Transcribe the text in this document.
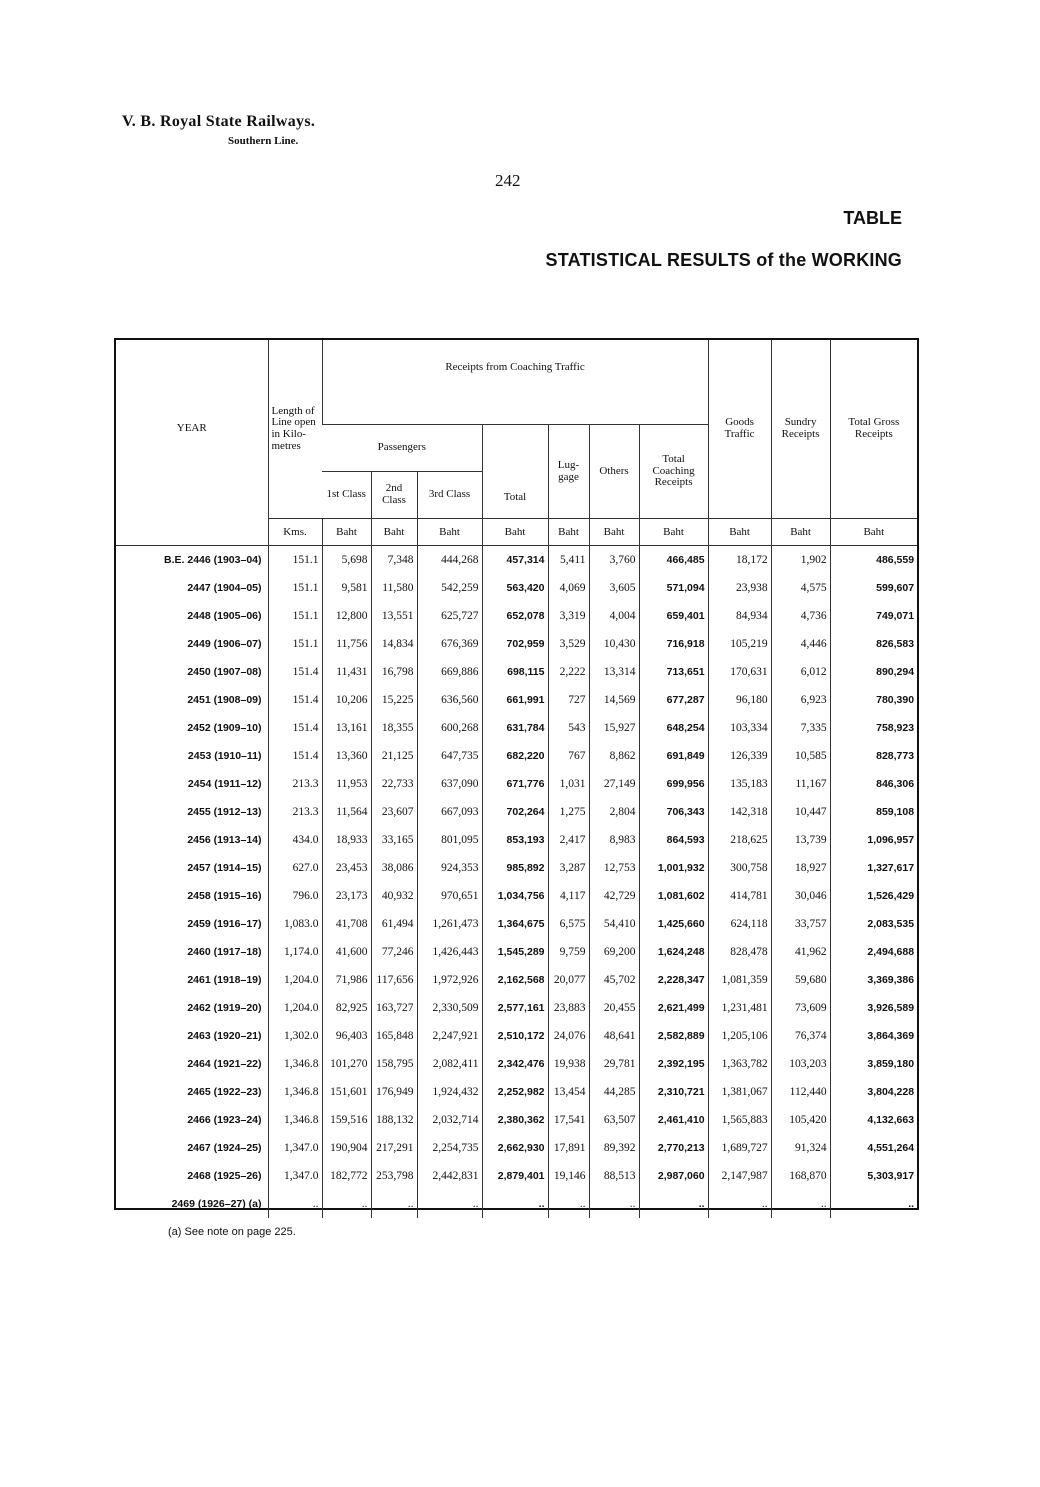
V. B. Royal State Railways.
Southern Line.
242
TABLE
STATISTICAL RESULTS of the WORKING
YEAR	Length of Line open in Kilo-metres	Receipts from Coaching Traffic							Goods Traffic	Sundry Receipts	Total Gross Receipts
		Passengers			Total	Lug-gage	Others	Total Coaching Receipts			
		1st Class	2nd Class	3rd Class							
	Kms.	Baht	Baht	Baht	Baht	Baht	Baht	Baht	Baht	Baht	Baht
B.E. 2446 (1903–04)	151.1	5,698	7,348	444,268	457,314	5,411	3,760	466,485	18,172	1,902	486,559
2447 (1904–05)	151.1	9,581	11,580	542,259	563,420	4,069	3,605	571,094	23,938	4,575	599,607
2448 (1905–06)	151.1	12,800	13,551	625,727	652,078	3,319	4,004	659,401	84,934	4,736	749,071
2449 (1906–07)	151.1	11,756	14,834	676,369	702,959	3,529	10,430	716,918	105,219	4,446	826,583
2450 (1907–08)	151.4	11,431	16,798	669,886	698,115	2,222	13,314	713,651	170,631	6,012	890,294
2451 (1908–09)	151.4	10,206	15,225	636,560	661,991	727	14,569	677,287	96,180	6,923	780,390
2452 (1909–10)	151.4	13,161	18,355	600,268	631,784	543	15,927	648,254	103,334	7,335	758,923
2453 (1910–11)	151.4	13,360	21,125	647,735	682,220	767	8,862	691,849	126,339	10,585	828,773
2454 (1911–12)	213.3	11,953	22,733	637,090	671,776	1,031	27,149	699,956	135,183	11,167	846,306
2455 (1912–13)	213.3	11,564	23,607	667,093	702,264	1,275	2,804	706,343	142,318	10,447	859,108
2456 (1913–14)	434.0	18,933	33,165	801,095	853,193	2,417	8,983	864,593	218,625	13,739	1,096,957
2457 (1914–15)	627.0	23,453	38,086	924,353	985,892	3,287	12,753	1,001,932	300,758	18,927	1,327,617
2458 (1915–16)	796.0	23,173	40,932	970,651	1,034,756	4,117	42,729	1,081,602	414,781	30,046	1,526,429
2459 (1916–17)	1,083.0	41,708	61,494	1,261,473	1,364,675	6,575	54,410	1,425,660	624,118	33,757	2,083,535
2460 (1917–18)	1,174.0	41,600	77,246	1,426,443	1,545,289	9,759	69,200	1,624,248	828,478	41,962	2,494,688
2461 (1918–19)	1,204.0	71,986	117,656	1,972,926	2,162,568	20,077	45,702	2,228,347	1,081,359	59,680	3,369,386
2462 (1919–20)	1,204.0	82,925	163,727	2,330,509	2,577,161	23,883	20,455	2,621,499	1,231,481	73,609	3,926,589
2463 (1920–21)	1,302.0	96,403	165,848	2,247,921	2,510,172	24,076	48,641	2,582,889	1,205,106	76,374	3,864,369
2464 (1921–22)	1,346.8	101,270	158,795	2,082,411	2,342,476	19,938	29,781	2,392,195	1,363,782	103,203	3,859,180
2465 (1922–23)	1,346.8	151,601	176,949	1,924,432	2,252,982	13,454	44,285	2,310,721	1,381,067	112,440	3,804,228
2466 (1923–24)	1,346.8	159,516	188,132	2,032,714	2,380,362	17,541	63,507	2,461,410	1,565,883	105,420	4,132,663
2467 (1924–25)	1,347.0	190,904	217,291	2,254,735	2,662,930	17,891	89,392	2,770,213	1,689,727	91,324	4,551,264
2468 (1925–26)	1,347.0	182,772	253,798	2,442,831	2,879,401	19,146	88,513	2,987,060	2,147,987	168,870	5,303,917
2469 (1926–27) (a)	..	..	..	..	..	..	..	..	..	..	..
(a) See note on page 225.
